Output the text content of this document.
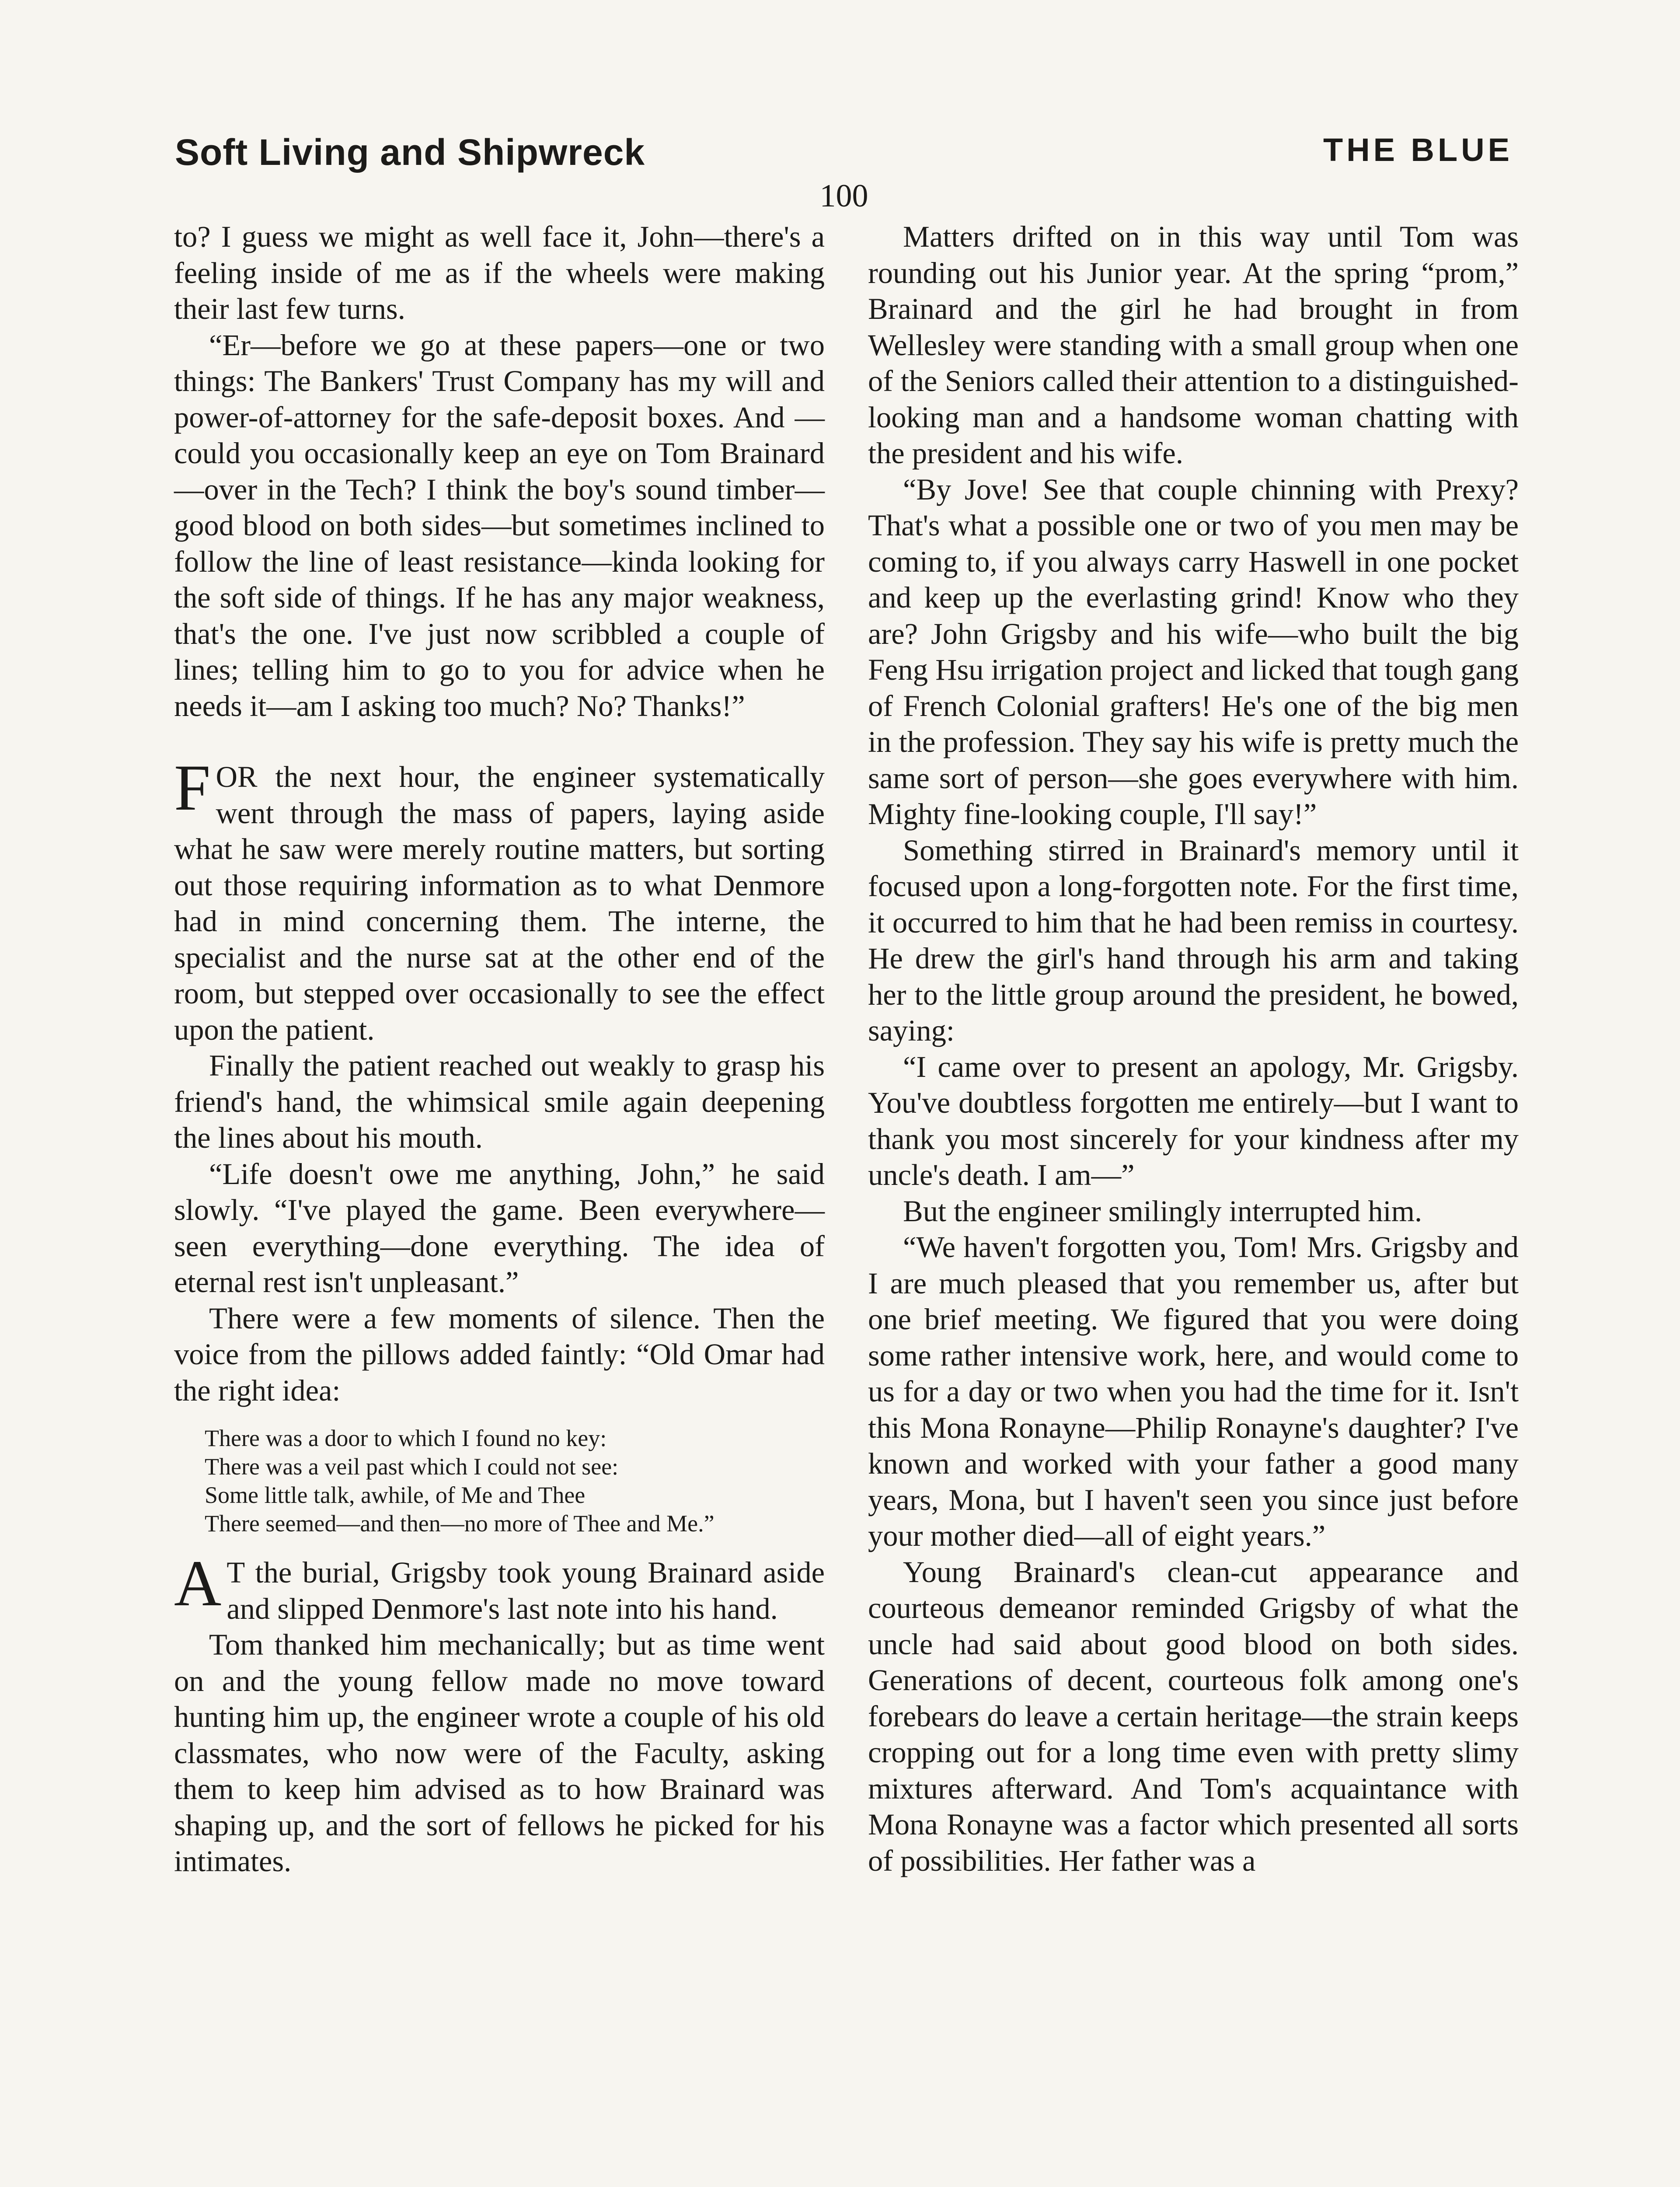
Soft Living and Shipwreck	THE BLUE
100

to? I guess we might as well face it, John—there's a feeling inside of me as if the wheels were making their last few turns.

“Er—before we go at these papers—one or two things: The Bankers' Trust Company has my will and power-of-attorney for the safe-deposit boxes. And —could you occasionally keep an eye on Tom Brainard—over in the Tech? I think the boy's sound timber—good blood on both sides—but sometimes inclined to follow the line of least resistance—kinda looking for the soft side of things. If he has any major weakness, that's the one. I've just now scribbled a couple of lines; telling him to go to you for advice when he needs it—am I asking too much? No? Thanks!”

FOR the next hour, the engineer systematically went through the mass of papers, laying aside what he saw were merely routine matters, but sorting out those requiring information as to what Denmore had in mind concerning them. The interne, the specialist and the nurse sat at the other end of the room, but stepped over occasionally to see the effect upon the patient.

Finally the patient reached out weakly to grasp his friend's hand, the whimsical smile again deepening the lines about his mouth.

“Life doesn't owe me anything, John,” he said slowly. “I've played the game. Been everywhere—seen everything—done everything. The idea of eternal rest isn't unpleasant.”

There were a few moments of silence. Then the voice from the pillows added faintly: “Old Omar had the right idea:

There was a door to which I found no key:
There was a veil past which I could not see:
Some little talk, awhile, of Me and Thee
There seemed—and then—no more of Thee and Me.”

A T the burial, Grigsby took young Brainard aside and slipped Denmore's last note into his hand.

Tom thanked him mechanically; but as time went on and the young fellow made no move toward hunting him up, the engineer wrote a couple of his old classmates, who now were of the Faculty, asking them to keep him advised as to how Brainard was shaping up, and the sort of fellows he picked for his intimates.

Matters drifted on in this way until Tom was rounding out his Junior year. At the spring “prom,” Brainard and the girl he had brought in from Wellesley were standing with a small group when one of the Seniors called their attention to a distinguished-looking man and a handsome woman chatting with the president and his wife.

“By Jove! See that couple chinning with Prexy? That's what a possible one or two of you men may be coming to, if you always carry Haswell in one pocket and keep up the everlasting grind! Know who they are? John Grigsby and his wife—who built the big Feng Hsu irrigation project and licked that tough gang of French Colonial grafters! He's one of the big men in the profession. They say his wife is pretty much the same sort of person—she goes everywhere with him. Mighty fine-looking couple, I'll say!”

Something stirred in Brainard's memory until it focused upon a long-forgotten note. For the first time, it occurred to him that he had been remiss in courtesy. He drew the girl's hand through his arm and taking her to the little group around the president, he bowed, saying:

“I came over to present an apology, Mr. Grigsby. You've doubtless forgotten me entirely—but I want to thank you most sincerely for your kindness after my uncle's death. I am—”

But the engineer smilingly interrupted him.

“We haven't forgotten you, Tom! Mrs. Grigsby and I are much pleased that you remember us, after but one brief meeting. We figured that you were doing some rather intensive work, here, and would come to us for a day or two when you had the time for it. Isn't this Mona Ronayne—Philip Ronayne's daughter? I've known and worked with your father a good many years, Mona, but I haven't seen you since just before your mother died—all of eight years.”

Young Brainard's clean-cut appearance and courteous demeanor reminded Grigsby of what the uncle had said about good blood on both sides. Generations of decent, courteous folk among one's forebears do leave a certain heritage—the strain keeps cropping out for a long time even with pretty slimy mixtures afterward. And Tom's acquaintance with Mona Ronayne was a factor which presented all sorts of possibilities. Her father was a
